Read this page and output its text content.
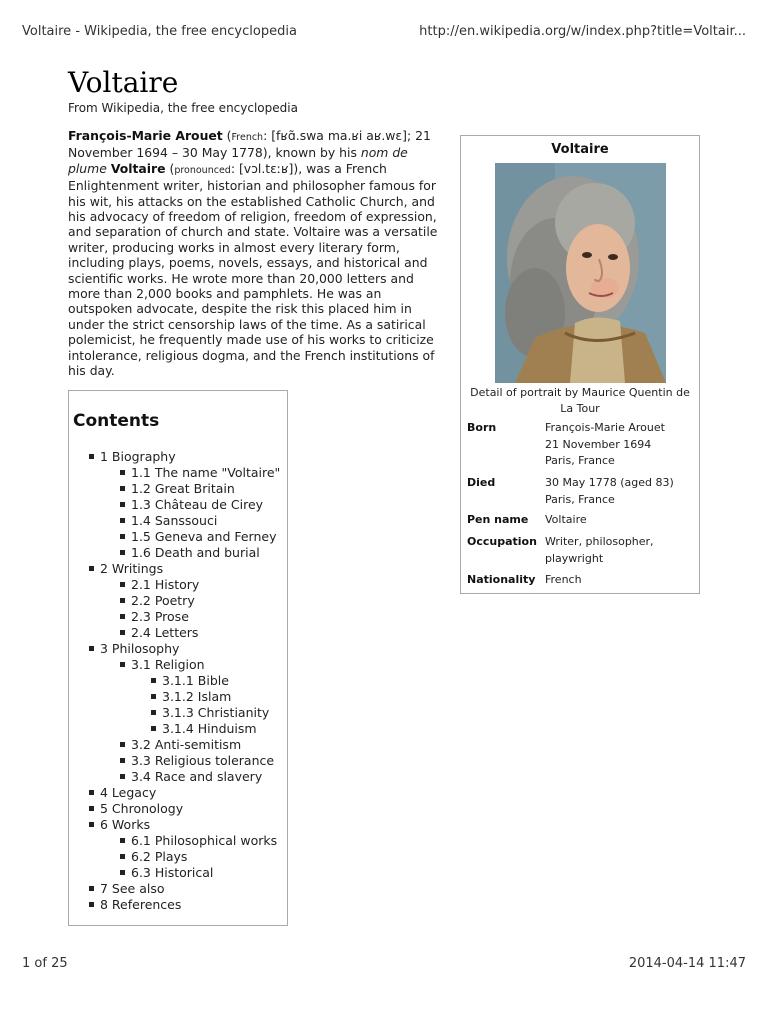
Voltaire - Wikipedia, the free encyclopedia	http://en.wikipedia.org/w/index.php?title=Voltair...
Voltaire
From Wikipedia, the free encyclopedia
François-Marie Arouet (French: [fʁɑ̃.swa ma.ʁi aʁ.wɛ]; 21 November 1694 – 30 May 1778), known by his nom de plume Voltaire (pronounced: [vɔl.tɛːʁ]), was a French Enlightenment writer, historian and philosopher famous for his wit, his attacks on the established Catholic Church, and his advocacy of freedom of religion, freedom of expression, and separation of church and state. Voltaire was a versatile writer, producing works in almost every literary form, including plays, poems, novels, essays, and historical and scientific works. He wrote more than 20,000 letters and more than 2,000 books and pamphlets. He was an outspoken advocate, despite the risk this placed him in under the strict censorship laws of the time. As a satirical polemicist, he frequently made use of his works to criticize intolerance, religious dogma, and the French institutions of his day.
Contents
1 Biography
1.1 The name "Voltaire"
1.2 Great Britain
1.3 Château de Cirey
1.4 Sanssouci
1.5 Geneva and Ferney
1.6 Death and burial
2 Writings
2.1 History
2.2 Poetry
2.3 Prose
2.4 Letters
3 Philosophy
3.1 Religion
3.1.1 Bible
3.1.2 Islam
3.1.3 Christianity
3.1.4 Hinduism
3.2 Anti-semitism
3.3 Religious tolerance
3.4 Race and slavery
4 Legacy
5 Chronology
6 Works
6.1 Philosophical works
6.2 Plays
6.3 Historical
7 See also
8 References
Voltaire
Detail of portrait by Maurice Quentin de La Tour
Born	François-Marie Arouet
21 November 1694
Paris, France
Died	30 May 1778 (aged 83)
Paris, France
Pen name Voltaire
Occupation Writer, philosopher,
playwright
Nationality French
1 of 25	2014-04-14 11:47
